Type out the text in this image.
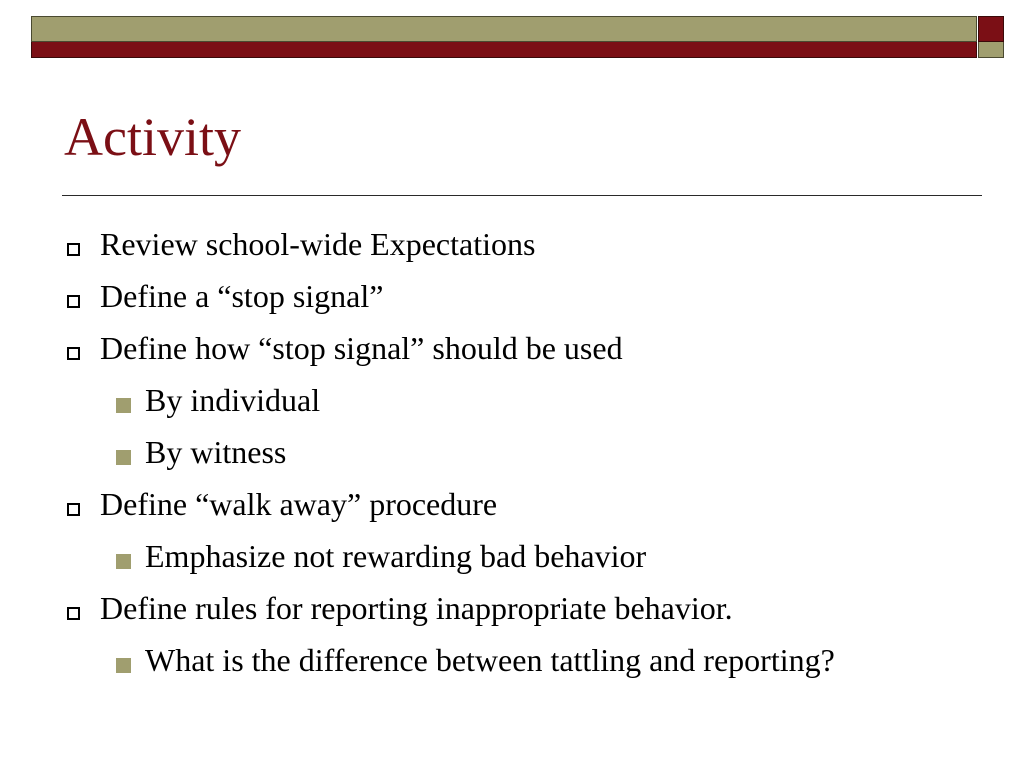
Activity
Review school-wide Expectations
Define a “stop signal”
Define how “stop signal” should be used
By individual
By witness
Define “walk away” procedure
Emphasize not rewarding bad behavior
Define rules for reporting inappropriate behavior.
What is the difference between tattling and reporting?
